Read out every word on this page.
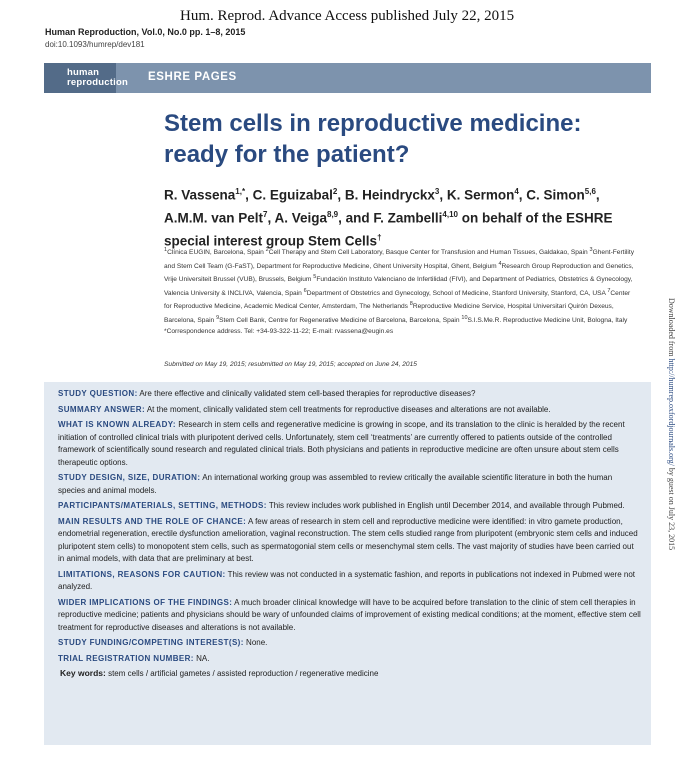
Hum. Reprod. Advance Access published July 22, 2015
Human Reproduction, Vol.0, No.0 pp. 1–8, 2015
doi:10.1093/humrep/dev181
human
reproduction ESHRE PAGES
Stem cells in reproductive medicine: ready for the patient?
R. Vassena$^{1,*}$, C. Eguizabal$^2$, B. Heindryckx$^3$, K. Sermon$^4$, C. Simon$^{5,6}$, A.M.M. van Pelt$^7$, A. Veiga$^{8,9}$, and F. Zambelli$^{4,10}$ on behalf of the ESHRE special interest group Stem Cells†
$^1$Clínica EUGIN, Barcelona, Spain $^2$Cell Therapy and Stem Cell Laboratory, Basque Center for Transfusion and Human Tissues, Galdakao, Spain $^3$Ghent-Fertility and Stem Cell Team (G-FaST), Department for Reproductive Medicine, Ghent University Hospital, Ghent, Belgium $^4$Research Group Reproduction and Genetics, Vrije Universiteit Brussel (VUB), Brussels, Belgium $^5$Fundación Instituto Valenciano de Infertilidad (FIVI), and Department of Pediatrics, Obstetrics & Gynecology, Valencia University & INCLIVA, Valencia, Spain $^6$Department of Obstetrics and Gynecology, School of Medicine, Stanford University, Stanford, CA, USA $^7$Center for Reproductive Medicine, Academic Medical Center, Amsterdam, The Netherlands $^8$Reproductive Medicine Service, Hospital Universitari Quirón Dexeus, Barcelona, Spain $^9$Stem Cell Bank, Centre for Regenerative Medicine of Barcelona, Barcelona, Spain $^{10}$S.I.S.Me.R. Reproductive Medicine Unit, Bologna, Italy
*Correspondence address. Tel: +34-93-322-11-22; E-mail: rvassena@eugin.es
Submitted on May 19, 2015; resubmitted on May 19, 2015; accepted on June 24, 2015
STUDY QUESTION: Are there effective and clinically validated stem cell-based therapies for reproductive diseases?
SUMMARY ANSWER: At the moment, clinically validated stem cell treatments for reproductive diseases and alterations are not available.
WHAT IS KNOWN ALREADY: Research in stem cells and regenerative medicine is growing in scope, and its translation to the clinic is heralded by the recent initiation of controlled clinical trials with pluripotent derived cells. Unfortunately, stem cell ‘treatments’ are currently offered to patients outside of the controlled framework of scientifically sound research and regulated clinical trials. Both physicians and patients in reproductive medicine are often unsure about stem cells therapeutic options.
STUDY DESIGN, SIZE, DURATION: An international working group was assembled to review critically the available scientific literature in both the human species and animal models.
PARTICIPANTS/MATERIALS, SETTING, METHODS: This review includes work published in English until December 2014, and available through Pubmed.
MAIN RESULTS AND THE ROLE OF CHANCE: A few areas of research in stem cell and reproductive medicine were identified: in vitro gamete production, endometrial regeneration, erectile dysfunction amelioration, vaginal reconstruction. The stem cells studied range from pluripotent (embryonic stem cells and induced pluripotent stem cells) to monopotent stem cells, such as spermatogonial stem cells or mesenchymal stem cells. The vast majority of studies have been carried out in animal models, with data that are preliminary at best.
LIMITATIONS, REASONS FOR CAUTION: This review was not conducted in a systematic fashion, and reports in publications not indexed in Pubmed were not analyzed.
WIDER IMPLICATIONS OF THE FINDINGS: A much broader clinical knowledge will have to be acquired before translation to the clinic of stem cell therapies in reproductive medicine; patients and physicians should be wary of unfounded claims of improvement of existing medical conditions; at the moment, effective stem cell treatment for reproductive diseases and alterations is not available.
STUDY FUNDING/COMPETING INTEREST(S): None.
TRIAL REGISTRATION NUMBER: NA.
Key words: stem cells / artificial gametes / assisted reproduction / regenerative medicine
Downloaded from http://humrep.oxfordjournals.org/ by guest on July 23, 2015
